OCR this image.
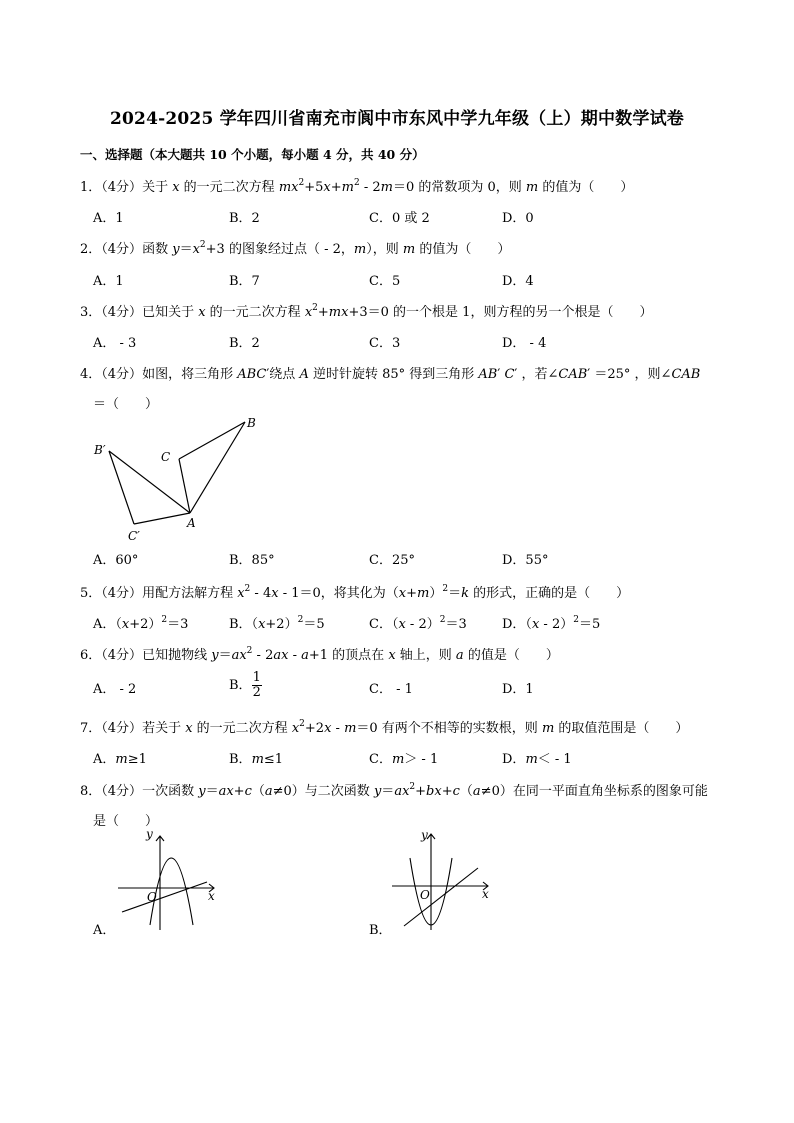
2024-2025 学年四川省南充市阆中市东风中学九年级（上）期中数学试卷
一、选择题（本大题共 10 个小题，每小题 4 分，共 40 分）
1．（4分）关于 x 的一元二次方程 $mx^2+5x+m^2 - 2m=0$ 的常数项为 0，则 m 的值为（　　）
A．1	B．2	C．0 或 2	D．0
2．（4分）函数 $y=x^2+3$ 的图象经过点（ - 2，m），则 m 的值为（　　）
A．1	B．7	C．5	D．4
3．（4分）已知关于 x 的一元二次方程 $x^2+mx+3=0$ 的一个根是 1，则方程的另一个根是（　　）
A． - 3	B．2	C．3	D． - 4
4．（4分）如图，将三角形 ABC′绕点 A 逆时针旋转 85° 得到三角形 AB′ C′ ，若∠CAB′ ＝25° ，则∠CAB
＝（　　）
B
B′	C
C′
A
A．60°	B．85°	C．25°	D．55°
5．（4分）用配方法解方程 $x^2 - 4x - 1=0$，将其化为$(x+m)^2=k$ 的形式，正确的是（　　）
A．$(x+2)^2=3$	B．$(x+2)^2=5$	C．（x - 2）$^2$＝3	D．（x - 2）$^2$＝5
6．（4分）已知抛物线 $y=ax^2 - 2ax - a+1$ 的顶点在 x 轴上，则 a 的值是（　　）
A． - 2	B． $\frac{1}{2}$	C． - 1	D．1
7．（4分）若关于 x 的一元二次方程 $x^2+2x - m=0$ 有两个不相等的实数根，则 m 的取值范围是（　　）
A．m≥1	B．m≤1	C．m＞ - 1	D．m＜ - 1
8．（4分）一次函数 y＝ax+c（a≠0）与二次函数 $y=ax^2+bx+c(a\ne 0)$在同一平面直角坐标系的图象可能
是（　　）
y
x
O
A．
y
x
O
B．
